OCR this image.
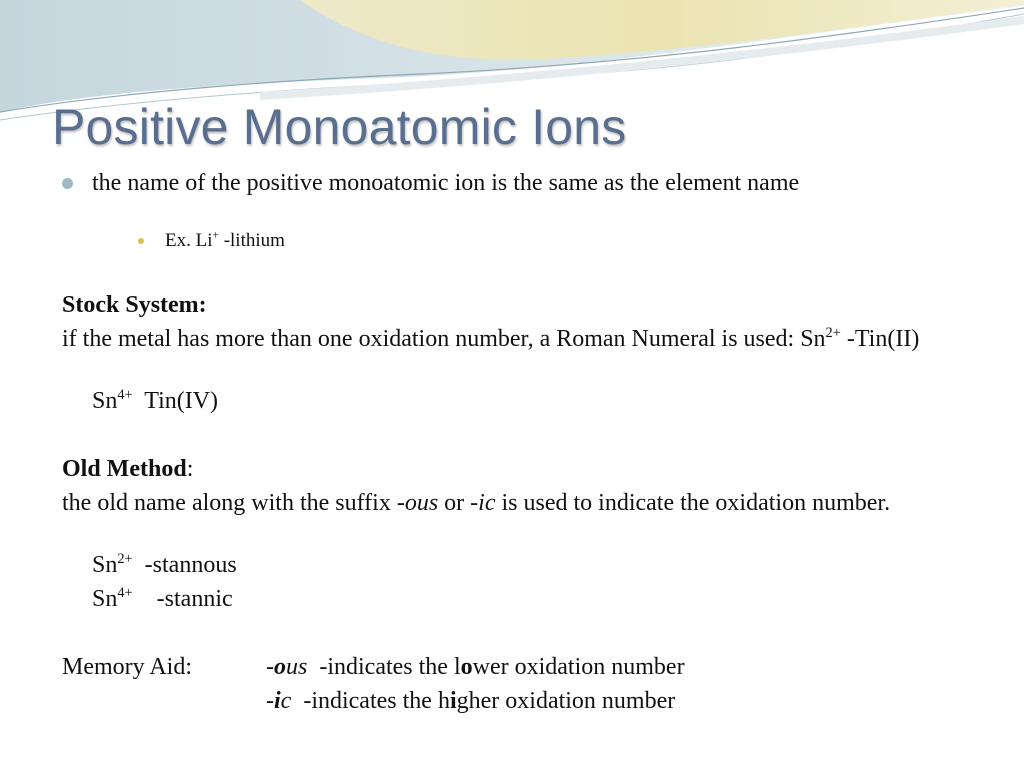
Positive Monoatomic Ions
the name of the positive monoatomic ion is the same as the element name
Ex. Li+ -lithium
Stock System:
if the metal has more than one oxidation number, a Roman Numeral is used: $Sn^{2+}$ -Tin(II)
$Sn^{4+}$ Tin(IV)
Old Method:
the old name along with the suffix -ous or -ic is used to indicate the oxidation number.
$Sn^{2+}$ -stannous
$Sn^{4+}$ -stannic
Memory Aid:	-ous  -indicates the lower oxidation number
-ic  -indicates the higher oxidation number
